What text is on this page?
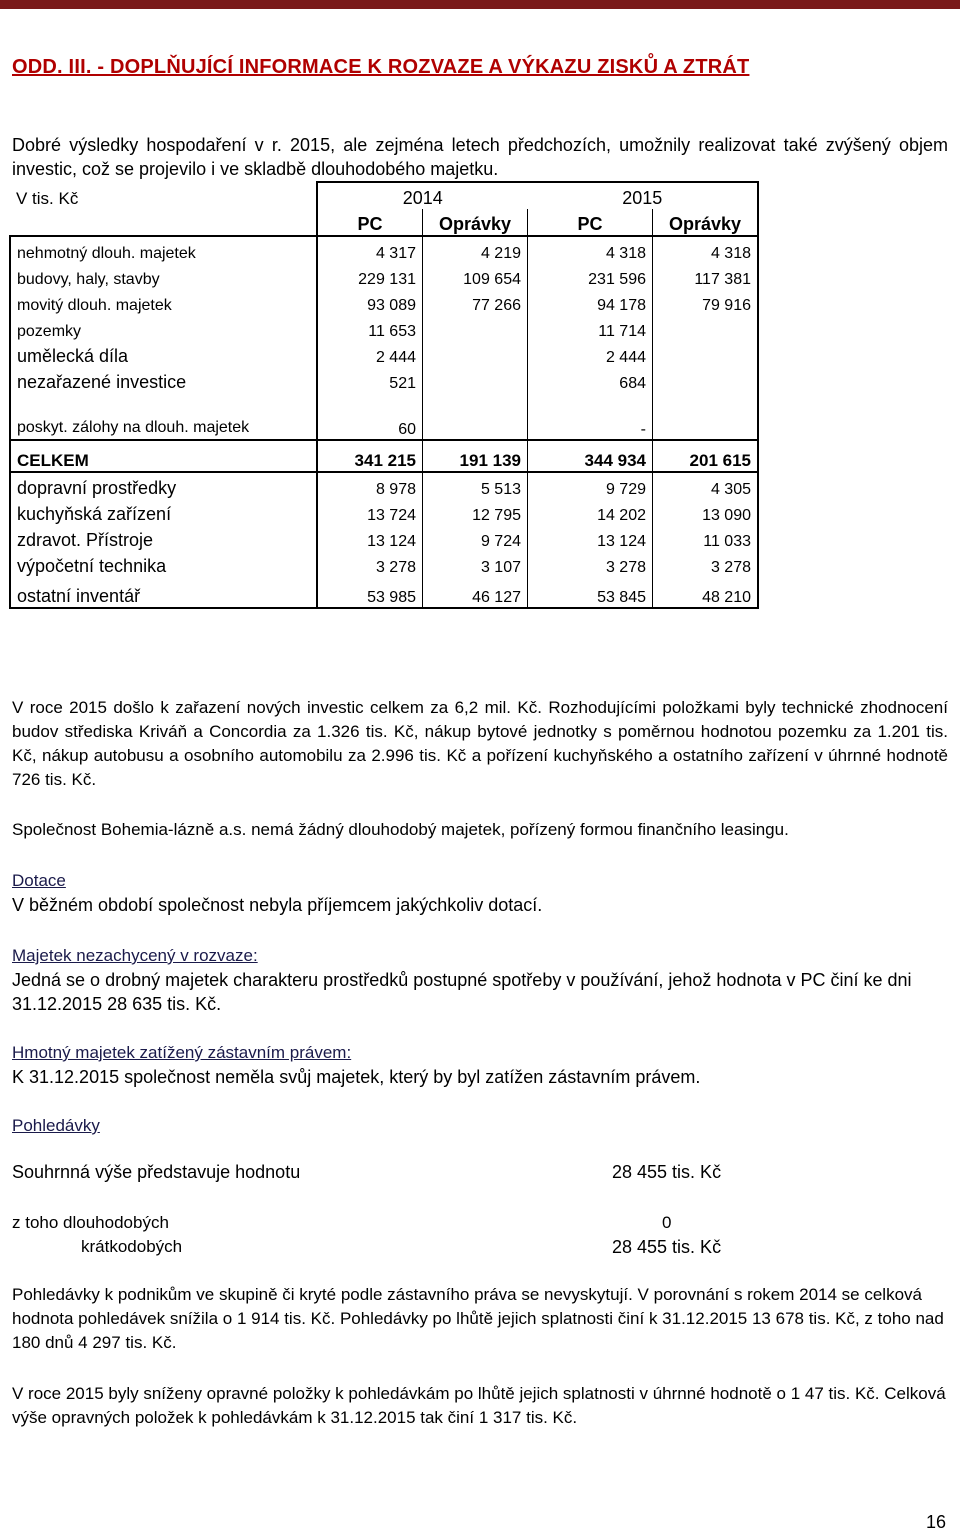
ODD. III. - DOPLŇUJÍCÍ INFORMACE K ROZVAZE A VÝKAZU ZISKŮ A ZTRÁT
Dobré výsledky hospodaření v r. 2015, ale zejména letech předchozích, umožnily realizovat také zvýšený objem investic, což se projevilo i ve skladbě dlouhodobého majetku.
V tis. Kč	2014		2015	
	PC	Oprávky	PC	Oprávky
nehmotný dlouh. majetek	4 317	4 219	4 318	4 318
budovy, haly, stavby	229 131	109 654	231 596	117 381
movitý dlouh. majetek	93 089	77 266	94 178	79 916
pozemky	11 653		11 714	
umělecká díla	2 444		2 444	
nezařazené investice	521		684	
poskyt. zálohy na dlouh. majetek	60		-	
CELKEM	341 215	191 139	344 934	201 615
dopravní prostředky	8 978	5 513	9 729	4 305
kuchyňská zařízení	13 724	12 795	14 202	13 090
zdravot. Přístroje	13 124	9 724	13 124	11 033
výpočetní technika	3 278	3 107	3 278	3 278
ostatní inventář	53 985	46 127	53 845	48 210
V roce 2015 došlo k zařazení nových investic celkem za 6,2 mil. Kč. Rozhodujícími položkami byly technické zhodnocení budov střediska Kriváň a Concordia za 1.326 tis. Kč, nákup bytové jednotky s poměrnou hodnotou pozemku za 1.201 tis. Kč, nákup autobusu a osobního automobilu za 2.996 tis. Kč a pořízení kuchyňského a ostatního zařízení v úhrnné hodnotě 726 tis. Kč.
Společnost Bohemia-lázně a.s. nemá žádný dlouhodobý majetek, pořízený formou finančního leasingu.
Dotace
V běžném období společnost nebyla příjemcem jakýchkoliv dotací.
Majetek nezachycený v rozvaze:
Jedná se o drobný majetek charakteru prostředků postupné spotřeby v používání, jehož hodnota v PC činí ke dni 31.12.2015 28 635 tis. Kč.
Hmotný majetek zatížený zástavním právem:
K 31.12.2015 společnost neměla svůj majetek, který by byl zatížen zástavním právem.
Pohledávky
Souhrnná výše představuje hodnotu	28 455 tis. Kč
z toho dlouhodobých	0
krátkodobých	28 455 tis. Kč
Pohledávky k podnikům ve skupině či kryté podle zástavního práva se nevyskytují. V porovnání s rokem 2014 se celková hodnota pohledávek snížila o 1 914 tis. Kč. Pohledávky po lhůtě jejich splatnosti činí k 31.12.2015 13 678 tis. Kč, z toho nad 180 dnů 4 297 tis. Kč.
V roce 2015 byly sníženy opravné položky k pohledávkám po lhůtě jejich splatnosti v úhrnné hodnotě o 1 47 tis. Kč. Celková výše opravných položek k pohledávkám k 31.12.2015 tak činí 1 317 tis. Kč.
16
